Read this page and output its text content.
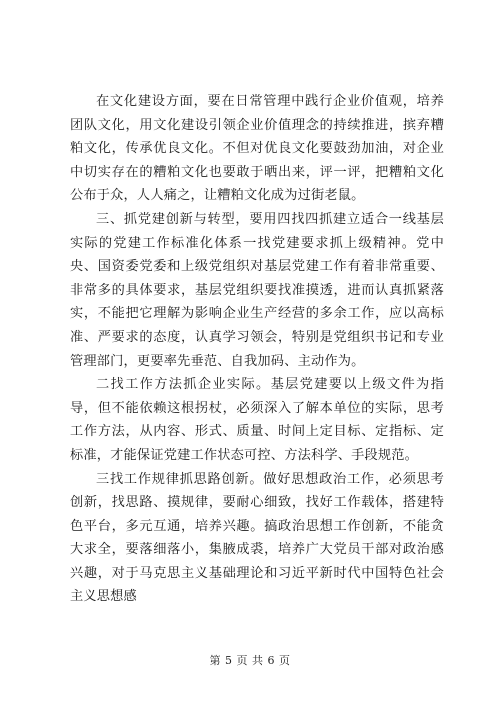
在文化建设方面，要在日常管理中践行企业价值观，培养团队文化，用文化建设引领企业价值理念的持续推进，摈弃糟粕文化，传承优良文化。不但对优良文化要鼓劲加油，对企业中切实存在的糟粕文化也要敢于晒出来，评一评，把糟粕文化公布于众，人人痛之，让糟粕文化成为过街老鼠。

三、抓党建创新与转型，要用四找四抓建立适合一线基层实际的党建工作标准化体系一找党建要求抓上级精神。党中央、国资委党委和上级党组织对基层党建工作有着非常重要、非常多的具体要求，基层党组织要找准摸透，进而认真抓紧落实，不能把它理解为影响企业生产经营的多余工作，应以高标准、严要求的态度，认真学习领会，特别是党组织书记和专业管理部门，更要率先垂范、自我加码、主动作为。

二找工作方法抓企业实际。基层党建要以上级文件为指导，但不能依赖这根拐杖，必须深入了解本单位的实际，思考工作方法，从内容、形式、质量、时间上定目标、定指标、定标准，才能保证党建工作状态可控、方法科学、手段规范。

三找工作规律抓思路创新。做好思想政治工作，必须思考创新，找思路、摸规律，要耐心细致，找好工作载体，搭建特色平台，多元互通，培养兴趣。搞政治思想工作创新，不能贪大求全，要落细落小，集腋成裘，培养广大党员干部对政治感兴趣，对于马克思主义基础理论和习近平新时代中国特色社会主义思想感

第 5 页 共 6 页
